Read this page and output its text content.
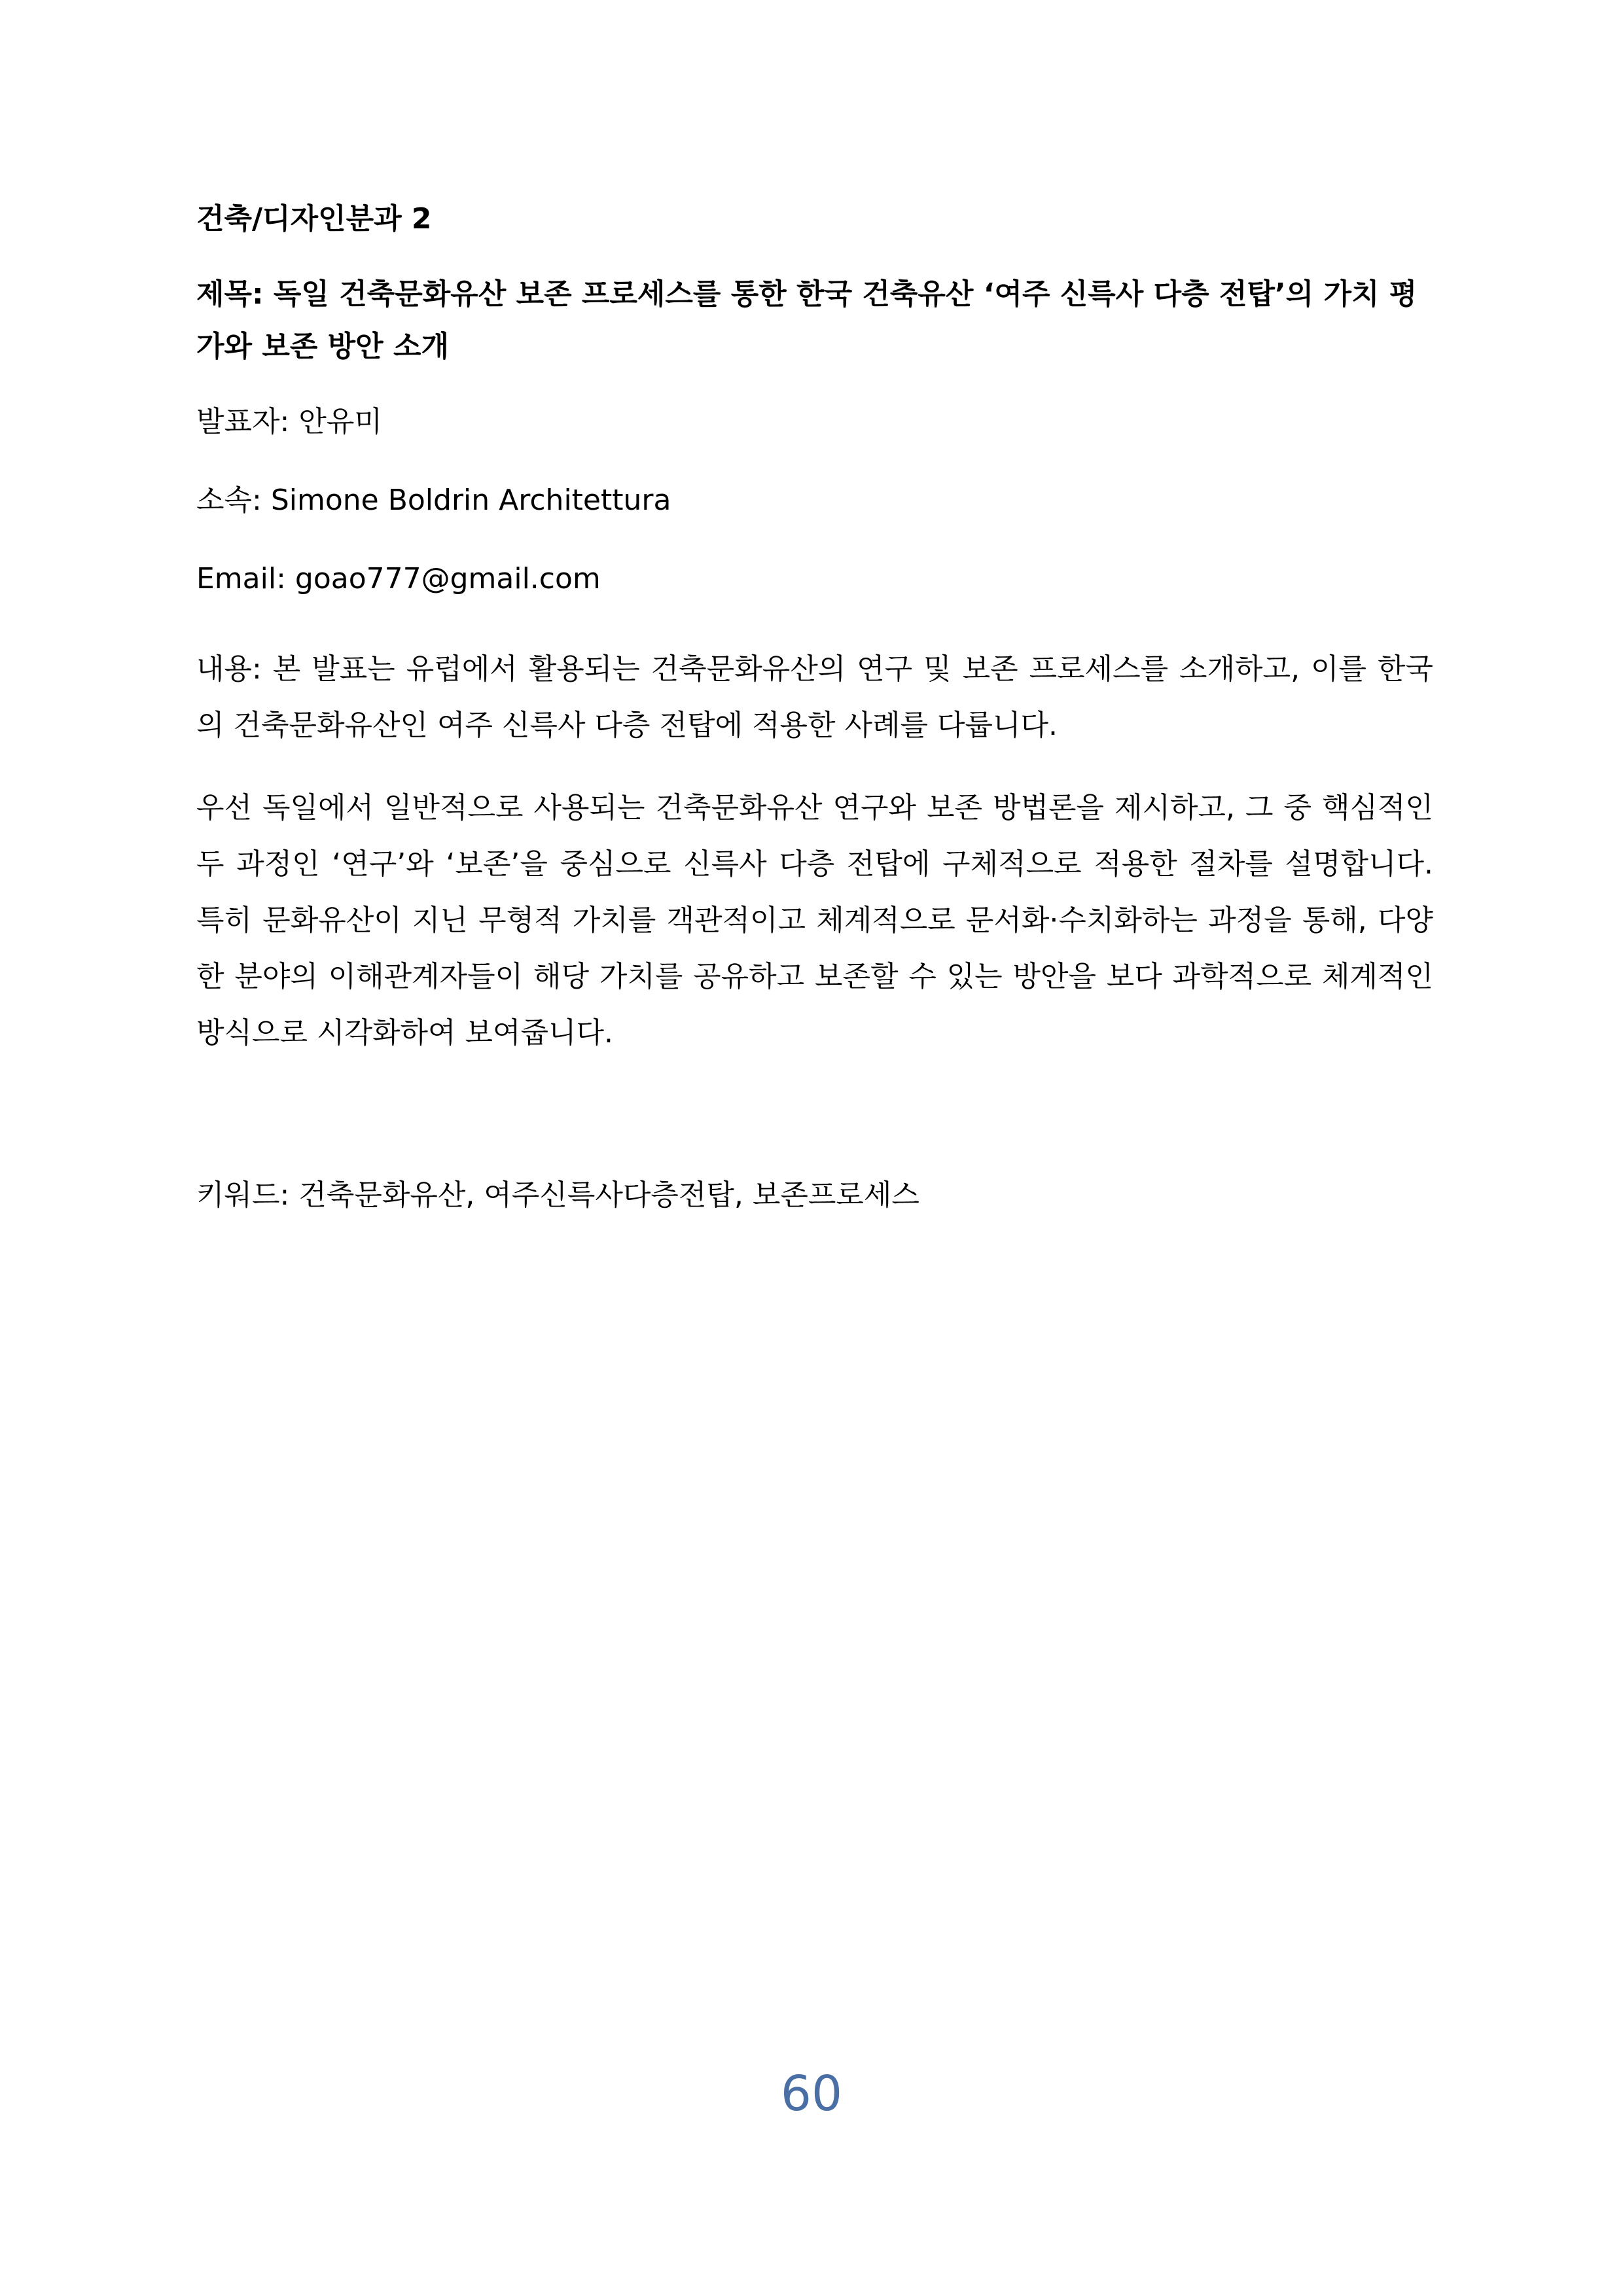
건축/디자인분과 2
제목: 독일 건축문화유산 보존 프로세스를 통한 한국 건축유산 ‘여주 신륵사 다층 전탑’의 가치 평가와 보존 방안 소개
발표자: 안유미
소속: Simone Boldrin Architettura
Email: goao777@gmail.com
내용: 본 발표는 유럽에서 활용되는 건축문화유산의 연구 및 보존 프로세스를 소개하고, 이를 한국의 건축문화유산인 여주 신륵사 다층 전탑에 적용한 사례를 다룹니다.
우선 독일에서 일반적으로 사용되는 건축문화유산 연구와 보존 방법론을 제시하고, 그 중 핵심적인 두 과정인 ‘연구’와 ‘보존’을 중심으로 신륵사 다층 전탑에 구체적으로 적용한 절차를 설명합니다. 특히 문화유산이 지닌 무형적 가치를 객관적이고 체계적으로 문서화·수치화하는 과정을 통해, 다양한 분야의 이해관계자들이 해당 가치를 공유하고 보존할 수 있는 방안을 보다 과학적으로 체계적인 방식으로 시각화하여 보여줍니다.
키워드: 건축문화유산, 여주신륵사다층전탑, 보존프로세스
60
